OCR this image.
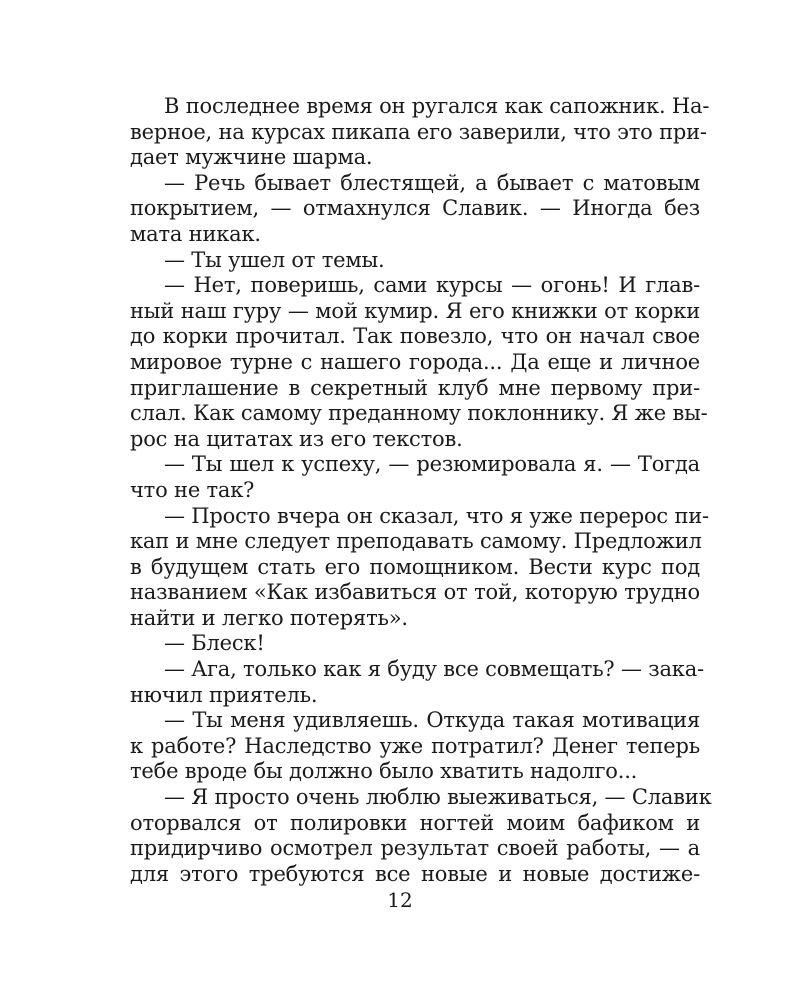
В последнее время он ругался как сапожник. На-
верное, на курсах пикапа его заверили, что это при-
дает мужчине шарма.
— Речь бывает блестящей, а бывает с матовым
покрытием, — отмахнулся Славик. — Иногда без
мата никак.
— Ты ушел от темы.
— Нет, поверишь, сами курсы — огонь! И глав-
ный наш гуру — мой кумир. Я его книжки от корки
до корки прочитал. Так повезло, что он начал свое
мировое турне с нашего города... Да еще и личное
приглашение в секретный клуб мне первому при-
слал. Как самому преданному поклоннику. Я же вы-
рос на цитатах из его текстов.
— Ты шел к успеху, — резюмировала я. — Тогда
что не так?
— Просто вчера он сказал, что я уже перерос пи-
кап и мне следует преподавать самому. Предложил
в будущем стать его помощником. Вести курс под
названием «Как избавиться от той, которую трудно
найти и легко потерять».
— Блеск!
— Ага, только как я буду все совмещать? — зака-
нючил приятель.
— Ты меня удивляешь. Откуда такая мотивация
к работе? Наследство уже потратил? Денег теперь
тебе вроде бы должно было хватить надолго...
— Я просто очень люблю выеживаться, — Славик
оторвался от полировки ногтей моим бафиком и
придирчиво осмотрел результат своей работы, — а
для этого требуются все новые и новые достиже-
12
